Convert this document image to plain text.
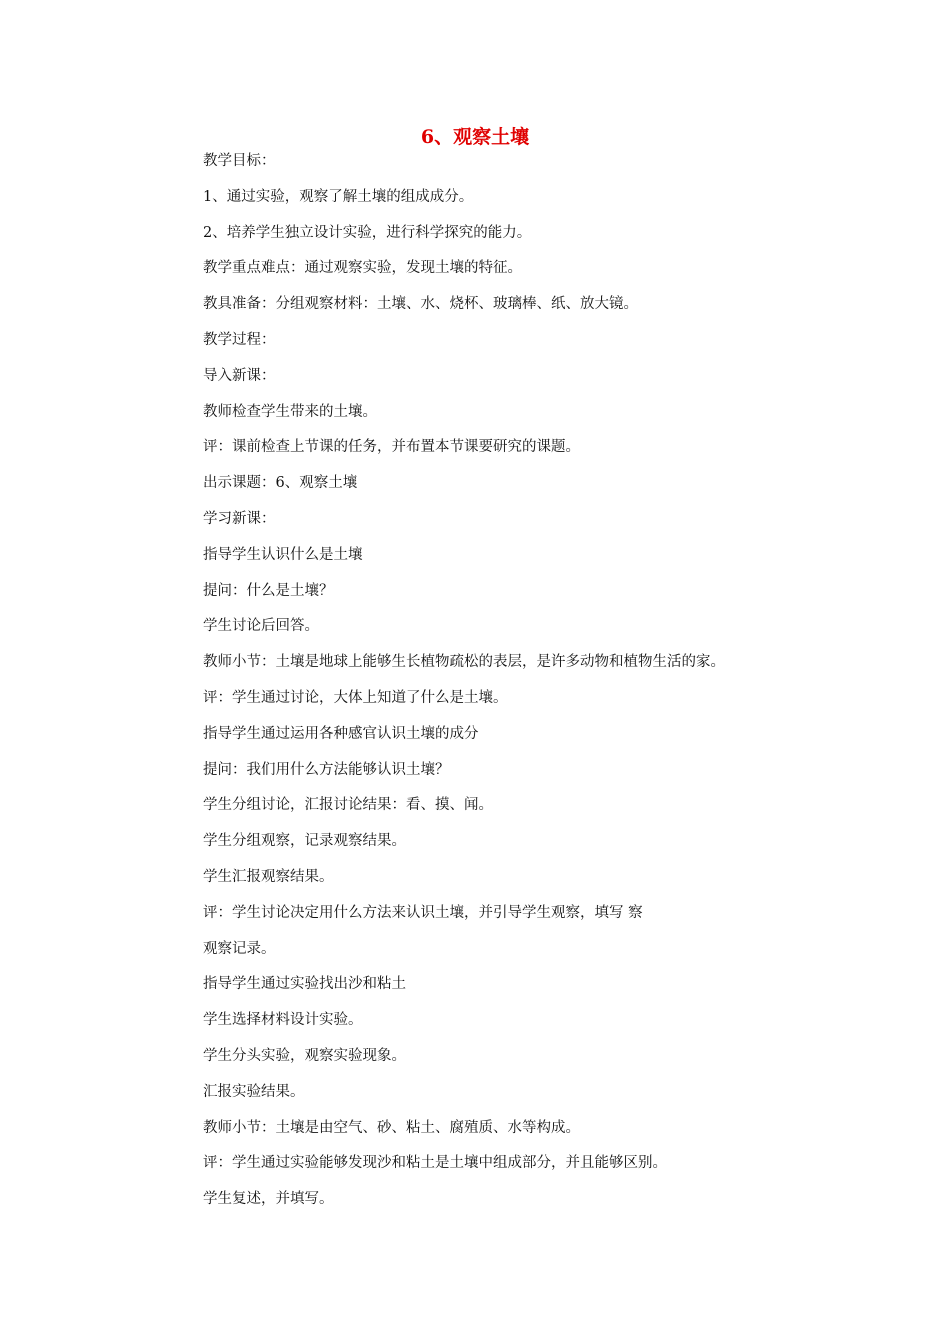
6、观察土壤
教学目标：
1、通过实验，观察了解土壤的组成成分。
2、培养学生独立设计实验，进行科学探究的能力。
教学重点难点：通过观察实验，发现土壤的特征。
教具准备：分组观察材料：土壤、水、烧杯、玻璃棒、纸、放大镜。
教学过程：
导入新课：
教师检查学生带来的土壤。
评：课前检查上节课的任务，并布置本节课要研究的课题。
出示课题：6、观察土壤
学习新课：
指导学生认识什么是土壤
提问：什么是土壤？
学生讨论后回答。
教师小节：土壤是地球上能够生长植物疏松的表层，是许多动物和植物生活的家。
评：学生通过讨论，大体上知道了什么是土壤。
指导学生通过运用各种感官认识土壤的成分
提问：我们用什么方法能够认识土壤？
学生分组讨论，汇报讨论结果：看、摸、闻。
学生分组观察，记录观察结果。
学生汇报观察结果。
评：学生讨论决定用什么方法来认识土壤，并引导学生观察，填写 察
观察记录。
指导学生通过实验找出沙和粘土
学生选择材料设计实验。
学生分头实验，观察实验现象。
汇报实验结果。
教师小节：土壤是由空气、砂、粘土、腐殖质、水等构成。
评：学生通过实验能够发现沙和粘土是土壤中组成部分，并且能够区别。
学生复述，并填写。
